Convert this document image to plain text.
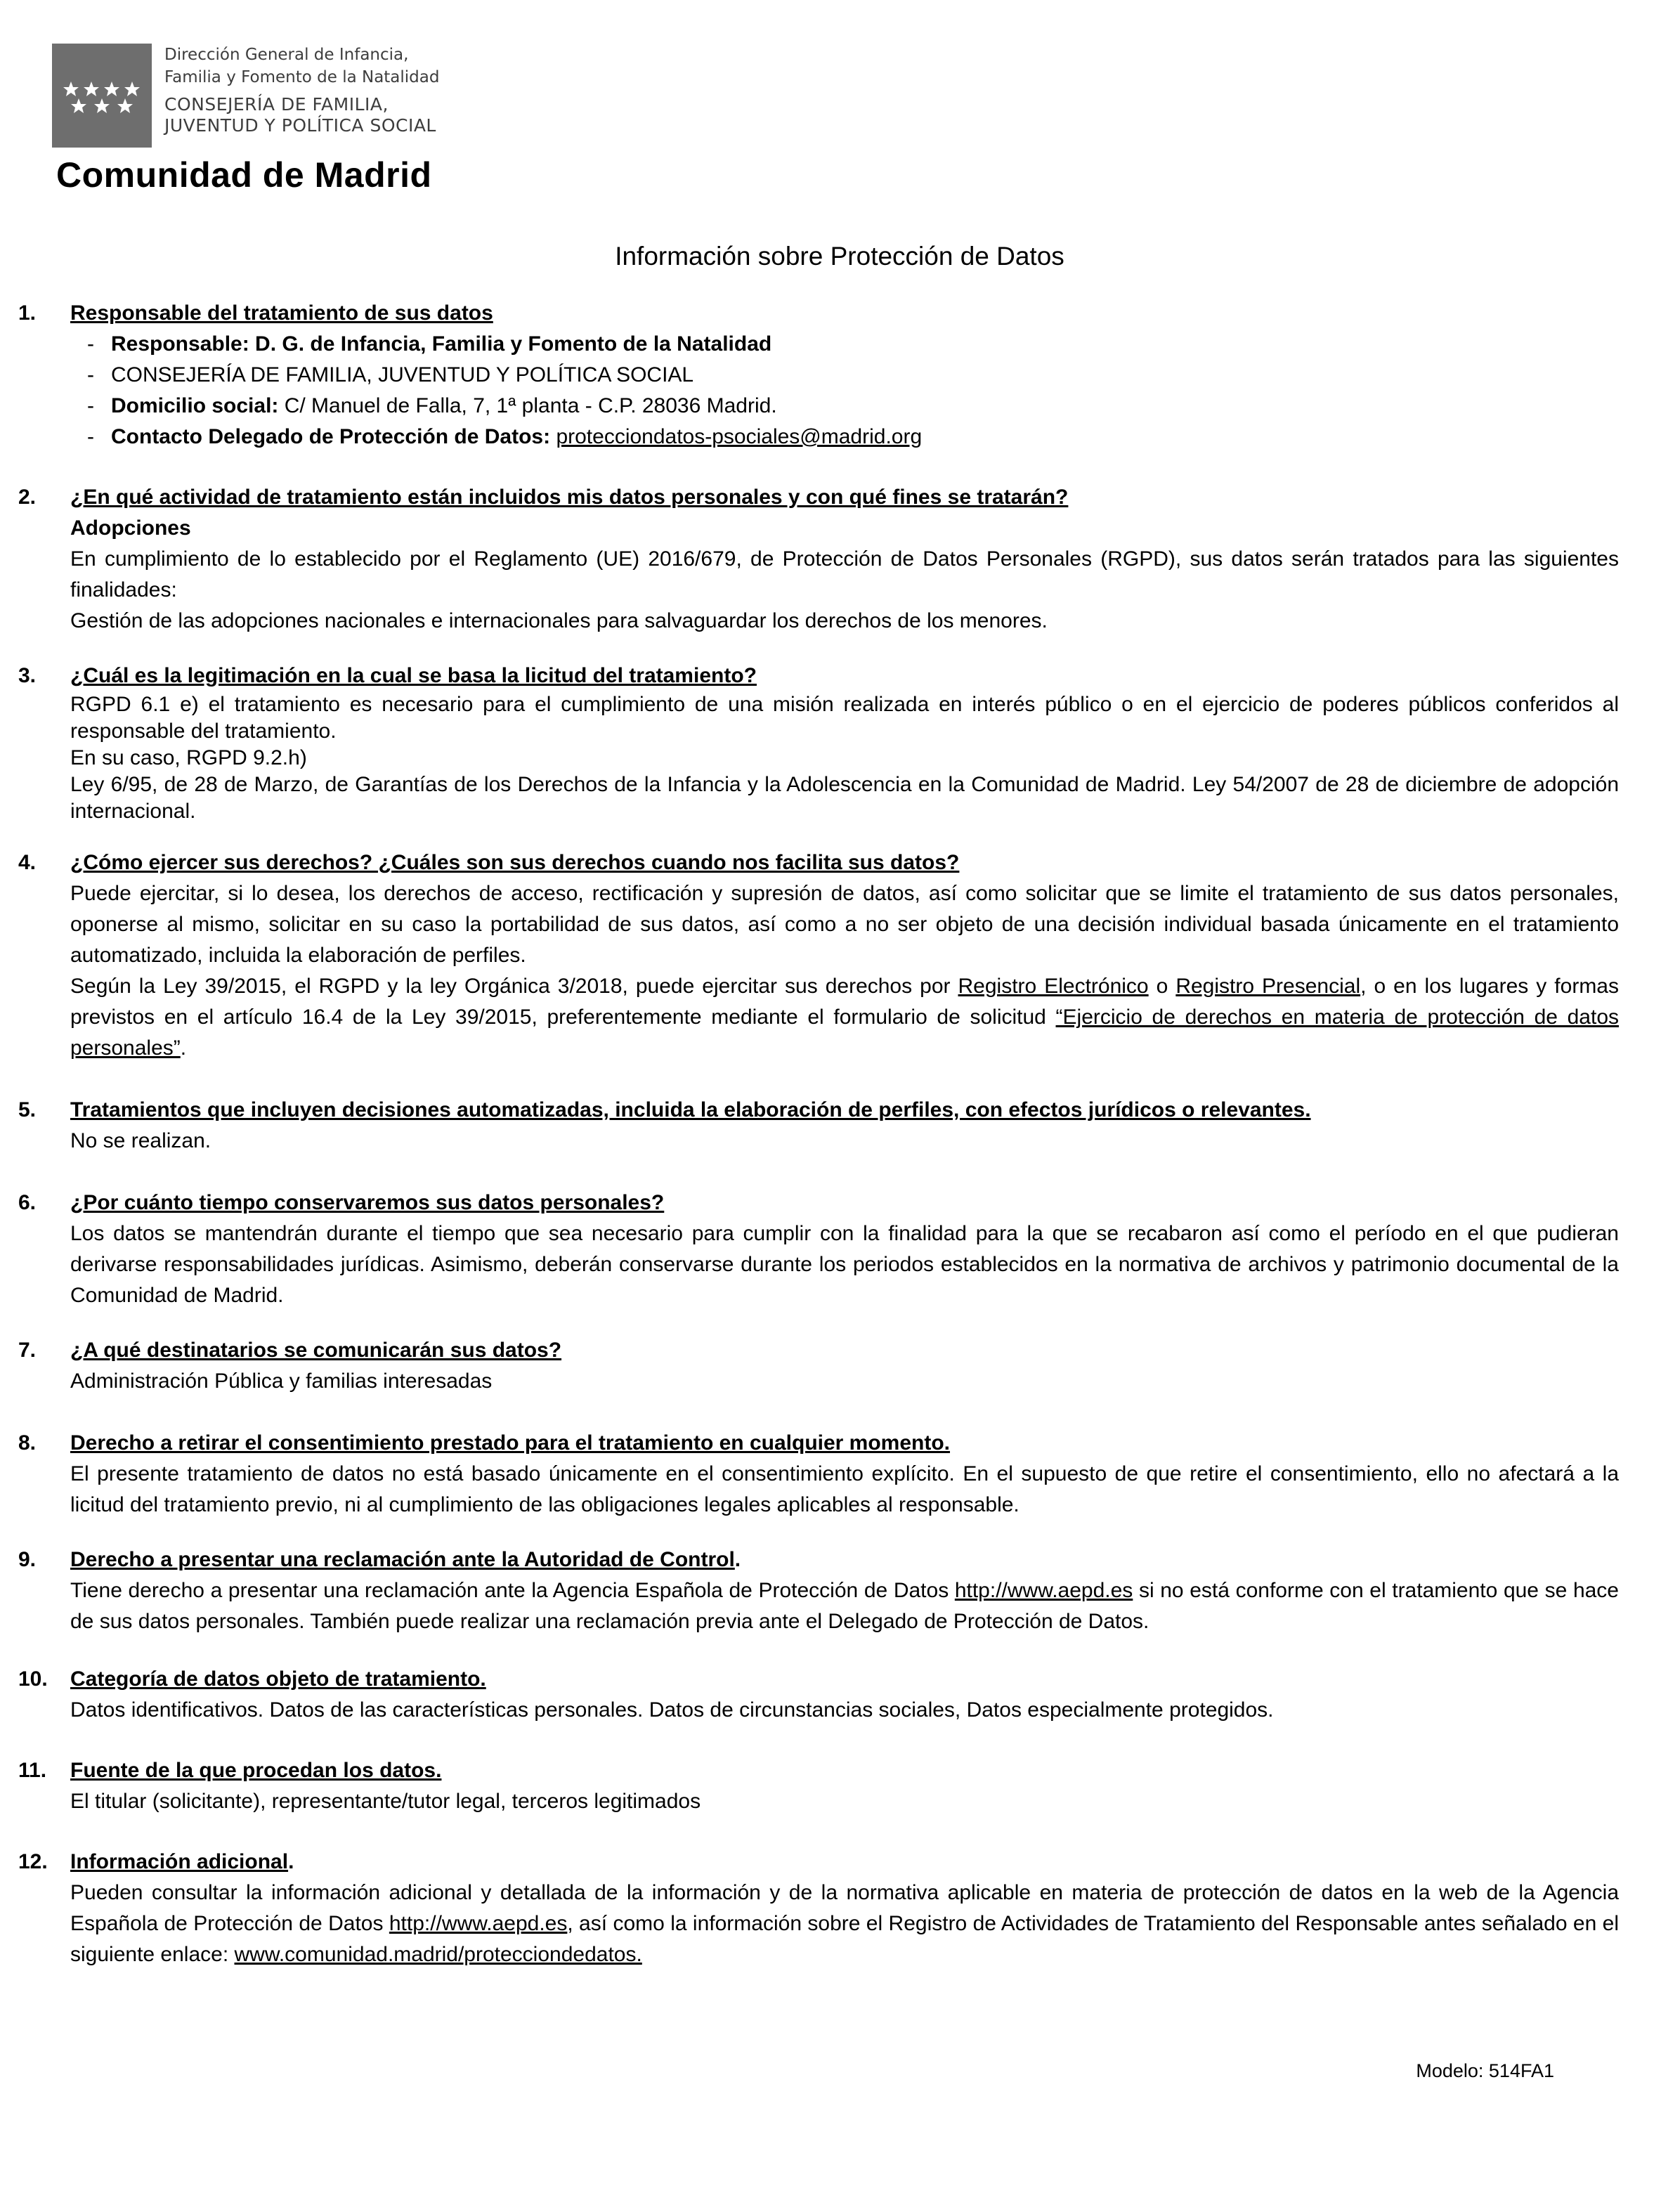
Dirección General de Infancia,
Familia y Fomento de la Natalidad
CONSEJERÍA DE FAMILIA,
JUVENTUD Y POLÍTICA SOCIAL
Comunidad de Madrid
Información sobre Protección de Datos
1. Responsable del tratamiento de sus datos
- Responsable: D. G. de Infancia, Familia y Fomento de la Natalidad
- CONSEJERÍA DE FAMILIA, JUVENTUD Y POLÍTICA SOCIAL
- Domicilio social: C/ Manuel de Falla, 7, 1ª planta - C.P. 28036 Madrid.
- Contacto Delegado de Protección de Datos: protecciondatos-psociales@madrid.org
2. ¿En qué actividad de tratamiento están incluidos mis datos personales y con qué fines se tratarán?

Adopciones

En cumplimiento de lo establecido por el Reglamento (UE) 2016/679, de Protección de Datos Personales (RGPD), sus datos serán tratados para las siguientes finalidades:

Gestión de las adopciones nacionales e internacionales para salvaguardar los derechos de los menores.

3. ¿Cuál es la legitimación en la cual se basa la licitud del tratamiento?

RGPD 6.1 e) el tratamiento es necesario para el cumplimiento de una misión realizada en interés público o en el ejercicio de poderes públicos conferidos al responsable del tratamiento.

En su caso, RGPD 9.2.h)

Ley 6/95, de 28 de Marzo, de Garantías de los Derechos de la Infancia y la Adolescencia en la Comunidad de Madrid. Ley 54/2007 de 28 de diciembre de adopción internacional.

4. ¿Cómo ejercer sus derechos? ¿Cuáles son sus derechos cuando nos facilita sus datos?

Puede ejercitar, si lo desea, los derechos de acceso, rectificación y supresión de datos, así como solicitar que se limite el tratamiento de sus datos personales, oponerse al mismo, solicitar en su caso la portabilidad de sus datos, así como a no ser objeto de una decisión individual basada únicamente en el tratamiento automatizado, incluida la elaboración de perfiles.

Según la Ley 39/2015, el RGPD y la ley Orgánica 3/2018, puede ejercitar sus derechos por Registro Electrónico o Registro Presencial, o en los lugares y formas previstos en el artículo 16.4 de la Ley 39/2015, preferentemente mediante el formulario de solicitud “Ejercicio de derechos en materia de protección de datos personales”.

5. Tratamientos que incluyen decisiones automatizadas, incluida la elaboración de perfiles, con efectos jurídicos o relevantes.

No se realizan.

6. ¿Por cuánto tiempo conservaremos sus datos personales?

Los datos se mantendrán durante el tiempo que sea necesario para cumplir con la finalidad para la que se recabaron así como el período en el que pudieran derivarse responsabilidades jurídicas. Asimismo, deberán conservarse durante los periodos establecidos en la normativa de archivos y patrimonio documental de la Comunidad de Madrid.

7. ¿A qué destinatarios se comunicarán sus datos?

Administración Pública y familias interesadas

8. Derecho a retirar el consentimiento prestado para el tratamiento en cualquier momento.

El presente tratamiento de datos no está basado únicamente en el consentimiento explícito. En el supuesto de que retire el consentimiento, ello no afectará a la licitud del tratamiento previo, ni al cumplimiento de las obligaciones legales aplicables al responsable.

9. Derecho a presentar una reclamación ante la Autoridad de Control.

Tiene derecho a presentar una reclamación ante la Agencia Española de Protección de Datos http://www.aepd.es si no está conforme con el tratamiento que se hace de sus datos personales. También puede realizar una reclamación previa ante el Delegado de Protección de Datos.

10. Categoría de datos objeto de tratamiento.

Datos identificativos. Datos de las características personales. Datos de circunstancias sociales, Datos especialmente protegidos.

11. Fuente de la que procedan los datos.

El titular (solicitante), representante/tutor legal, terceros legitimados

12. Información adicional.

Pueden consultar la información adicional y detallada de la información y de la normativa aplicable en materia de protección de datos en la web de la Agencia Española de Protección de Datos http://www.aepd.es, así como la información sobre el Registro de Actividades de Tratamiento del Responsable antes señalado en el siguiente enlace: www.comunidad.madrid/protecciondedatos.

Modelo: 514FA1
